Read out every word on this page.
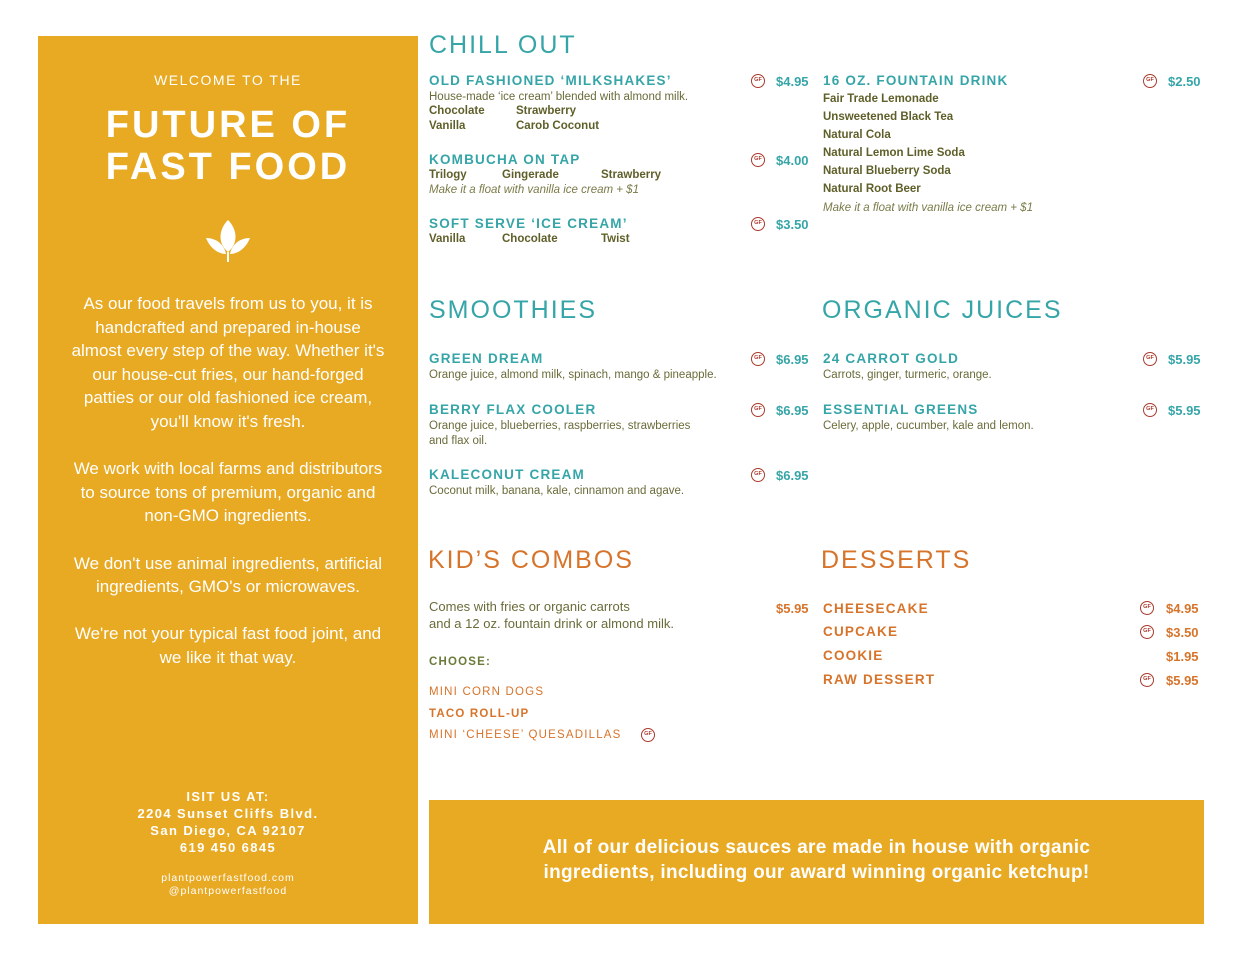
WELCOME TO THE
FUTURE OF
FAST FOOD

As our food travels from us to you, it is handcrafted and prepared in-house almost every step of the way. Whether it's our house-cut fries, our hand-forged patties or our old fashioned ice cream, you'll know it's fresh.

We work with local farms and distributors to source tons of premium, organic and non-GMO ingredients.

We don't use animal ingredients, artificial ingredients, GMO's or microwaves.

We're not your typical fast food joint, and we like it that way.

ISIT US AT:
2204 Sunset Cliffs Blvd.
San Diego, CA 92107
619 450 6845
plantpowerfastfood.com
@plantpowerfastfood
CHILL OUT
OLD FASHIONED ‘MILKSHAKES’	GF $4.95
House-made ‘ice cream’ blended with almond milk.
Chocolate	Strawberry
Vanilla	Carob Coconut
KOMBUCHA ON TAP	GF $4.00
Trilogy	Gingerade	Strawberry
Make it a float with vanilla ice cream + $1
SOFT SERVE ‘ICE CREAM’	GF $3.50
Vanilla	Chocolate	Twist
16 OZ. FOUNTAIN DRINK	GF $2.50
Fair Trade Lemonade
Unsweetened Black Tea
Natural Cola
Natural Lemon Lime Soda
Natural Blueberry Soda
Natural Root Beer
Make it a float with vanilla ice cream + $1
SMOOTHIES
GREEN DREAM	GF $6.95
Orange juice, almond milk, spinach, mango & pineapple.
BERRY FLAX COOLER	GF $6.95
Orange juice, blueberries, raspberries, strawberries
and flax oil.
KALECONUT CREAM	GF $6.95
Coconut milk, banana, kale, cinnamon and agave.
ORGANIC JUICES
24 CARROT GOLD	GF $5.95
Carrots, ginger, turmeric, orange.
ESSENTIAL GREENS	GF $5.95
Celery, apple, cucumber, kale and lemon.
KID’S COMBOS
Comes with fries or organic carrots
and a 12 oz. fountain drink or almond milk.
$5.95
CHOOSE:
MINI CORN DOGS
TACO ROLL-UP
MINI ‘CHEESE’ QUESADILLAS	GF
DESSERTS
CHEESECAKE	GF $4.95
CUPCAKE	GF $3.50
COOKIE	$1.95
RAW DESSERT	GF $5.95
All of our delicious sauces are made in house with organic
ingredients, including our award winning organic ketchup!
